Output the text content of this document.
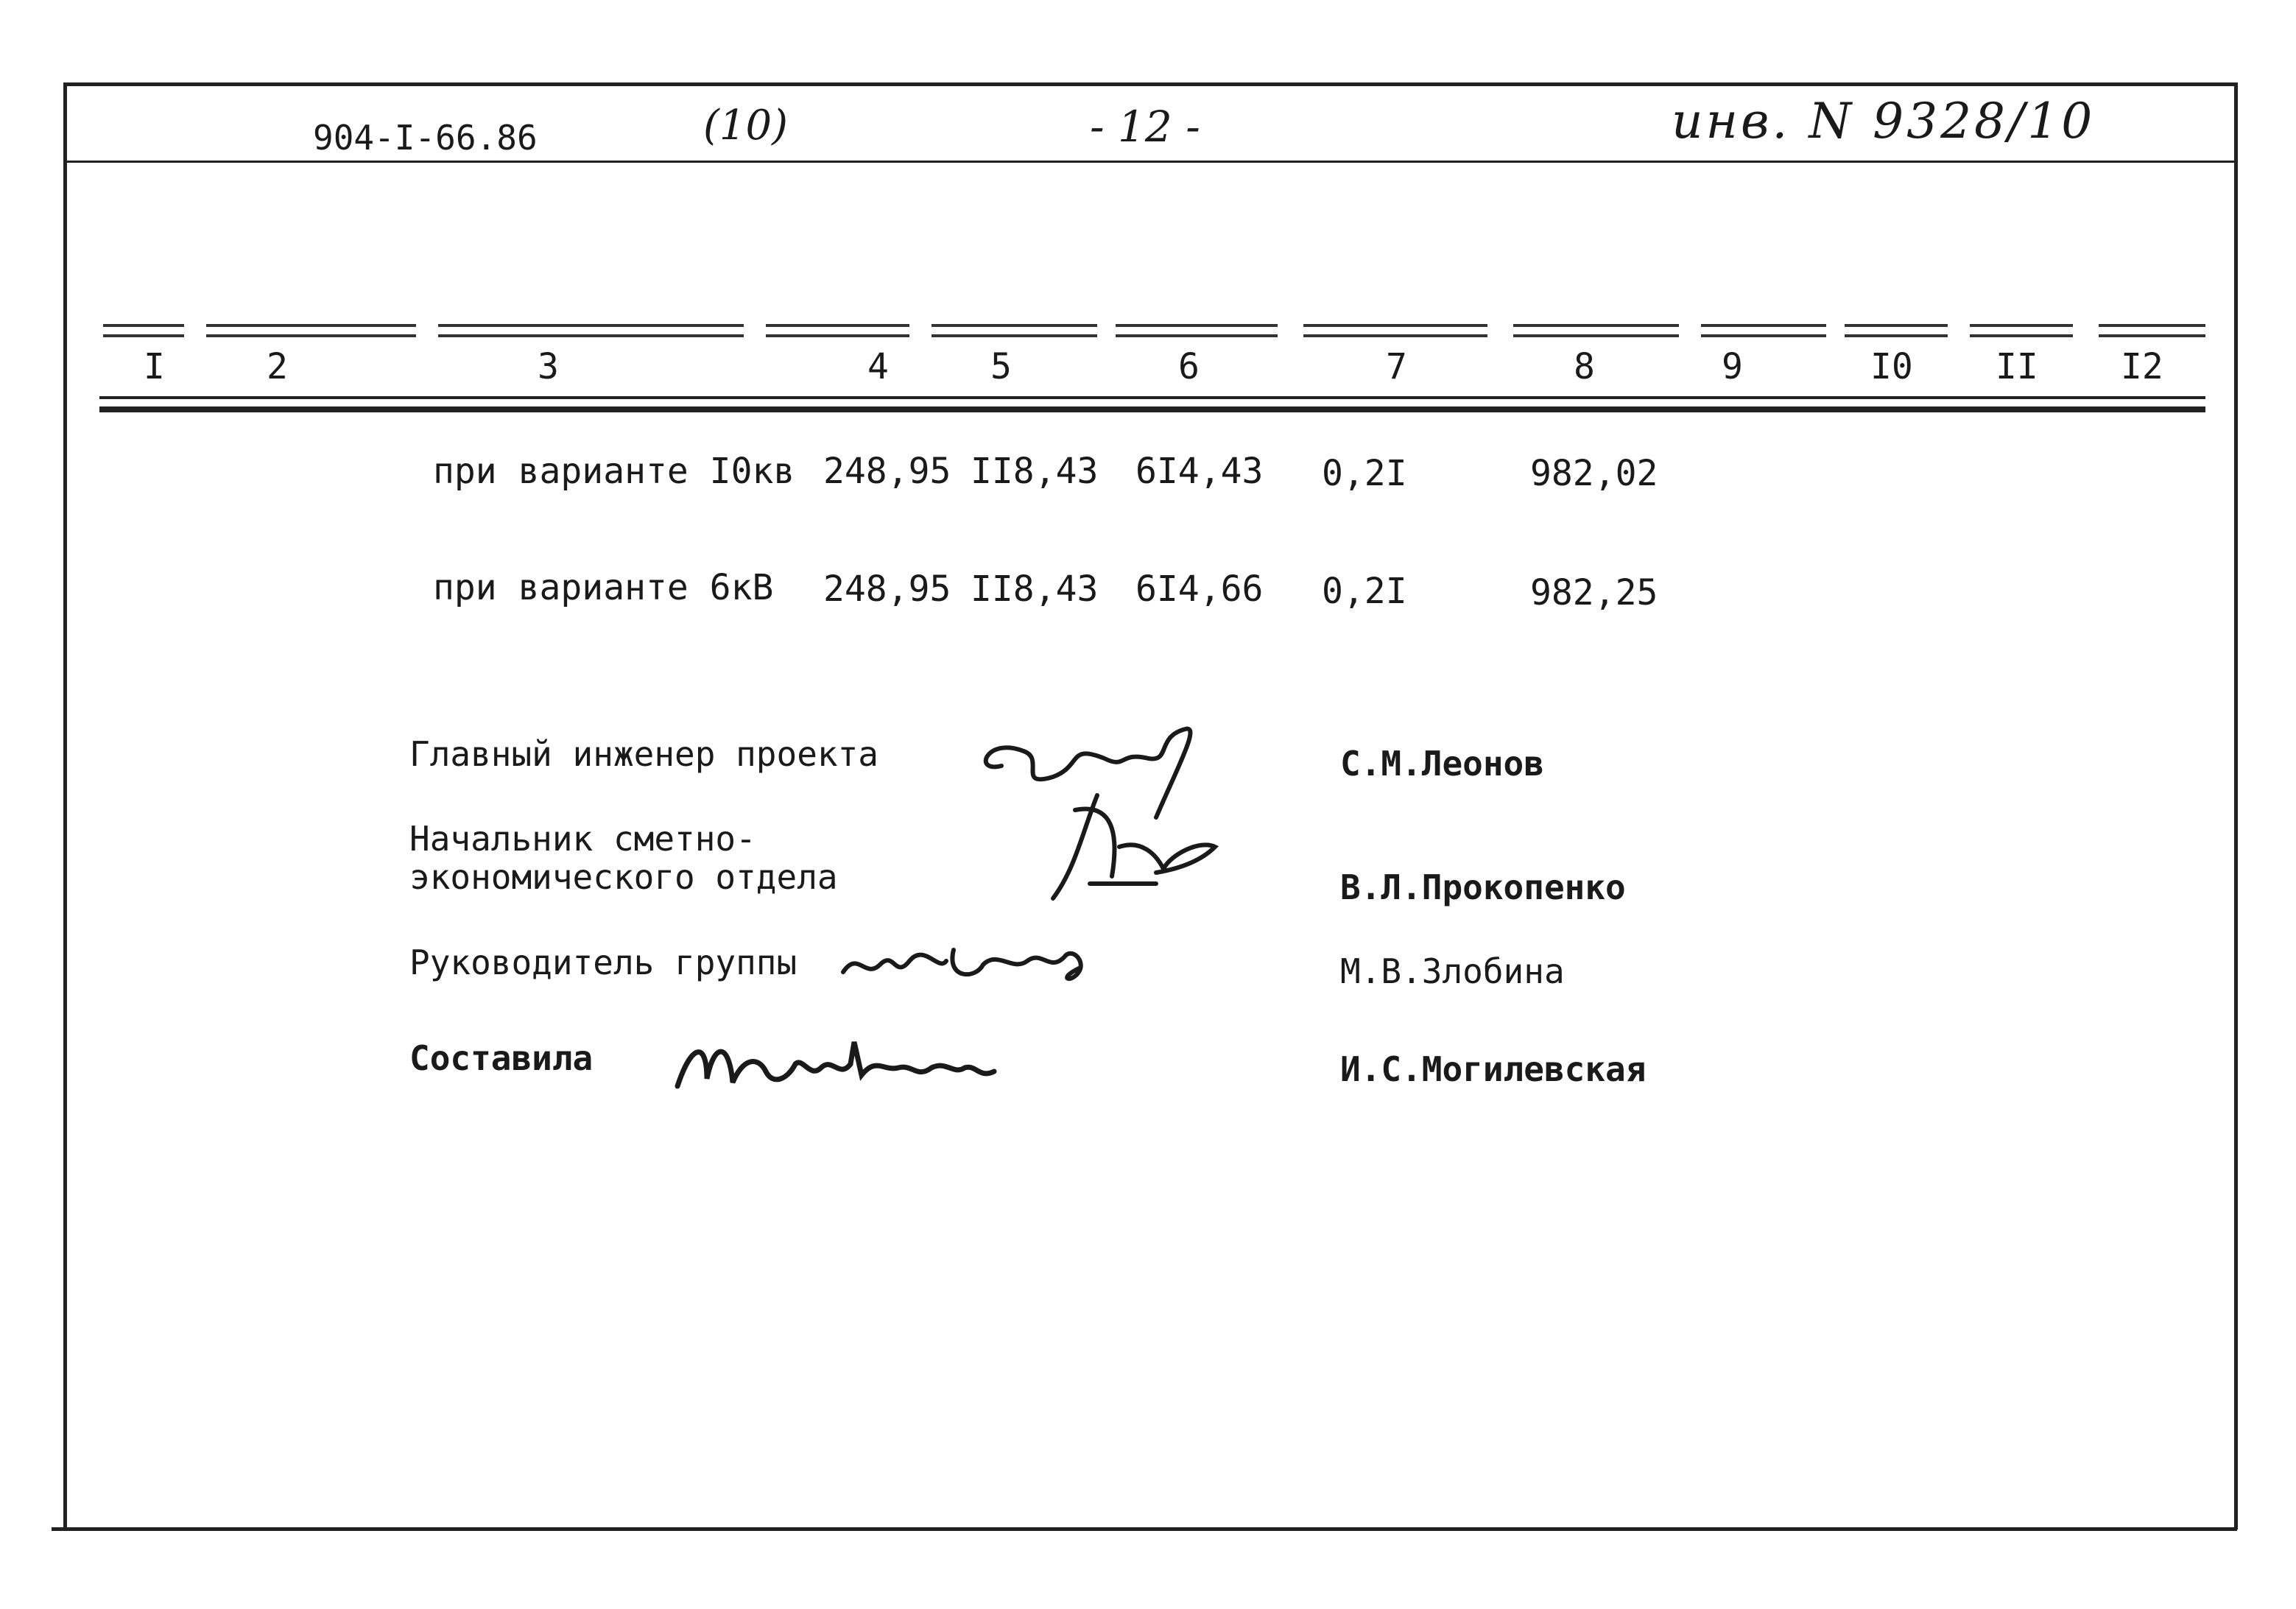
904-I-66.86	(10)	- 12 -	инв. N 9328/10
I	2	3	4	5	6	7	8	9	I0 II I2
при варианте I0кв 248,95 II8,43 6I4,43 0,2I	982,02
при варианте 6кВ 248,95 II8,43 6I4,66 0,2I	982,25
Главный инженер проекта	С.М.Леонов
Начальник сметно-
экономического отдела	В.Л.Прокопенко
Руководитель группы	М.В.Злобина
Составила	И.С.Могилевская
